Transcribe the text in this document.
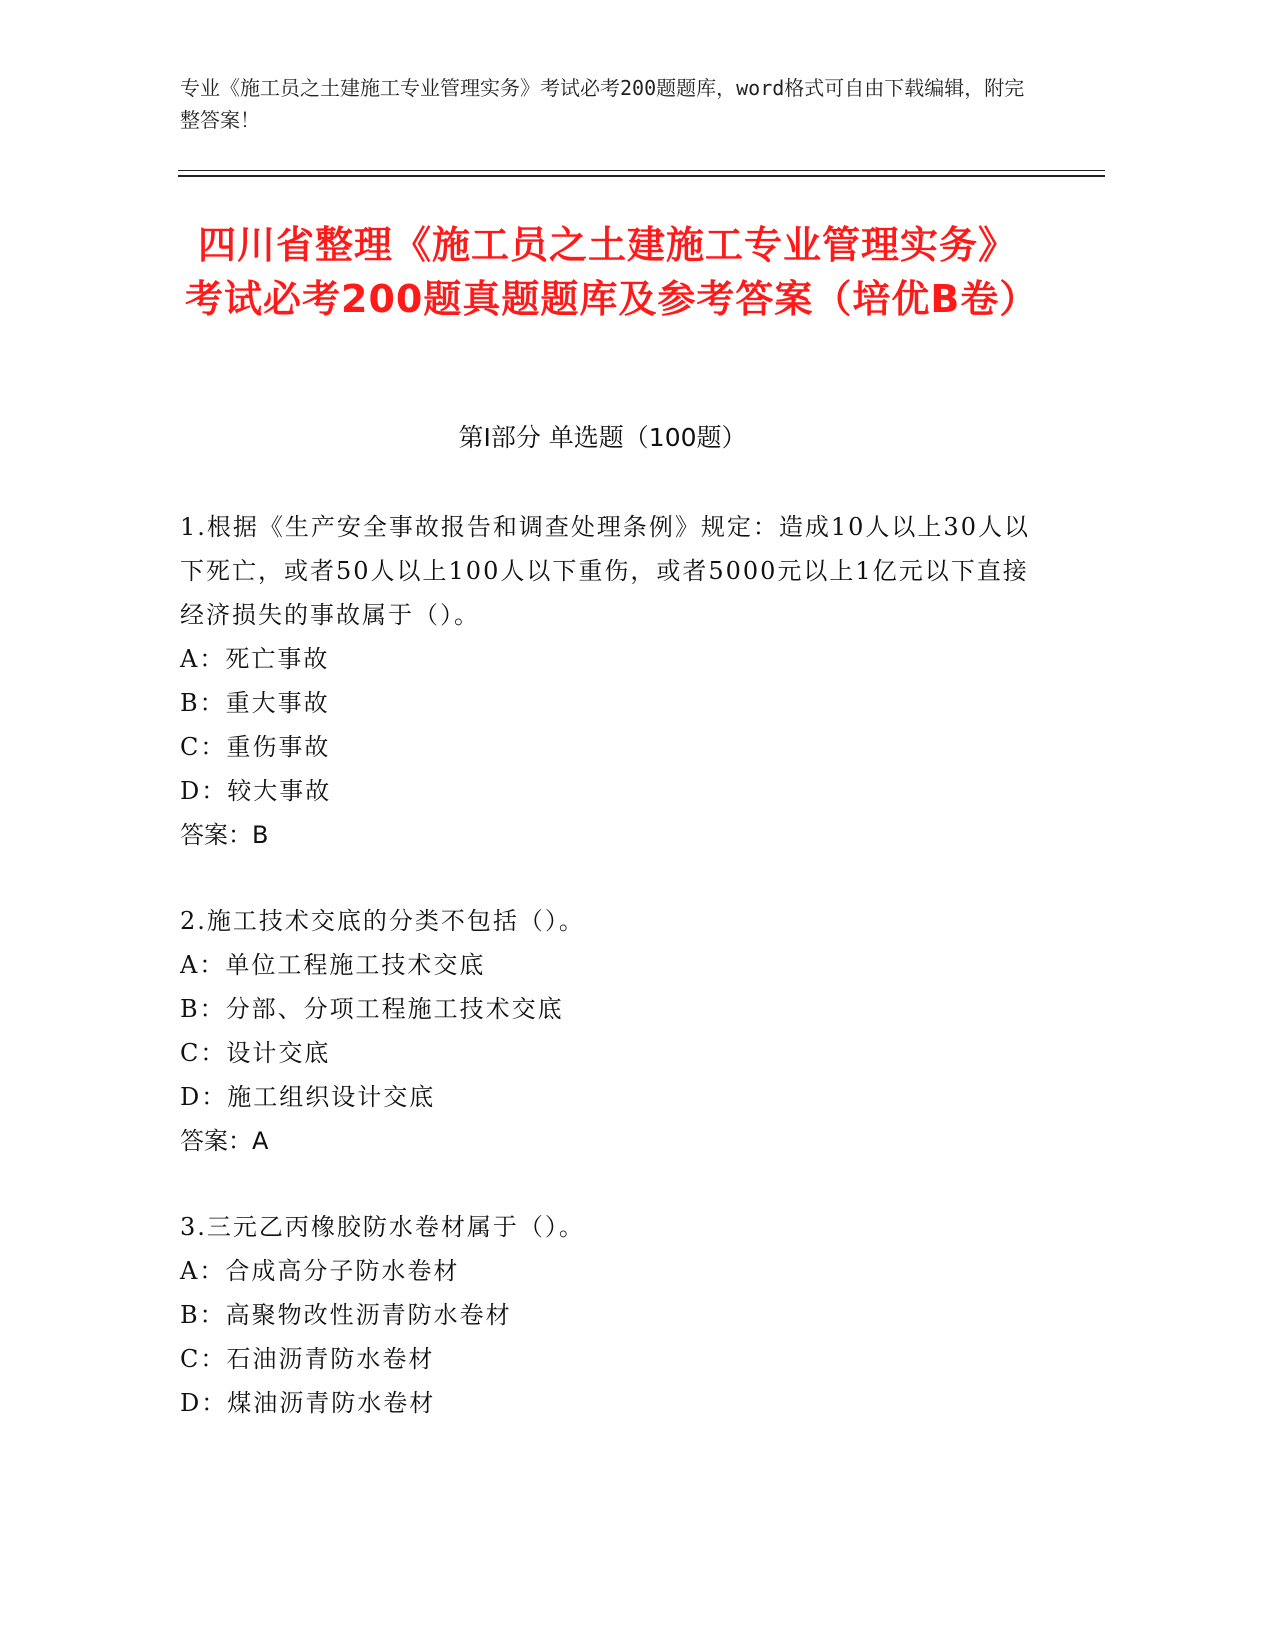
专业《施工员之土建施工专业管理实务》考试必考200题题库，word格式可自由下载编辑，附完整答案！
四川省整理《施工员之土建施工专业管理实务》考试必考200题真题题库及参考答案（培优B卷）
第Ⅰ部分 单选题（100题）
1.根据《生产安全事故报告和调查处理条例》规定：造成10人以上30人以下死亡，或者50人以上100人以下重伤，或者5000元以上1亿元以下直接经济损失的事故属于（）。
A：死亡事故
B：重大事故
C：重伤事故
D：较大事故
答案：B
2.施工技术交底的分类不包括（）。
A：单位工程施工技术交底
B：分部、分项工程施工技术交底
C：设计交底
D：施工组织设计交底
答案：A
3.三元乙丙橡胶防水卷材属于（）。
A：合成高分子防水卷材
B：高聚物改性沥青防水卷材
C：石油沥青防水卷材
D：煤油沥青防水卷材
